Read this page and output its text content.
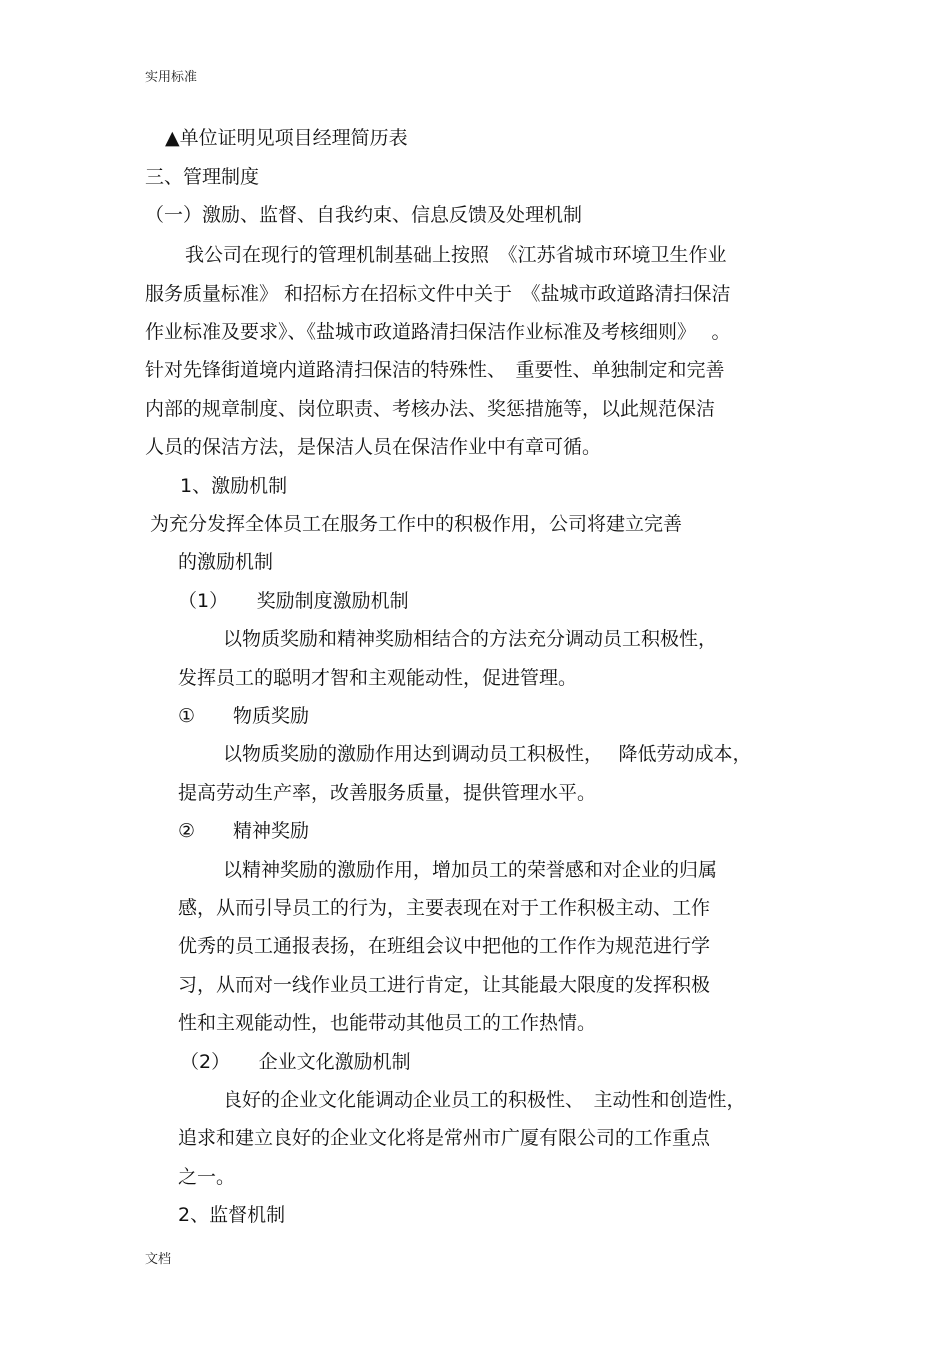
实用标准
▲单位证明见项目经理简历表
三、管理制度
（一）激励、监督、自我约束、信息反馈及处理机制
我公司在现行的管理机制基础上按照　《江苏省城市环境卫生作业
服务质量标准》 和招标方在招标文件中关于　《盐城市政道路清扫保洁
作业标准及要求》、《盐城市政道路清扫保洁作业标准及考核细则》　 。
针对先锋街道境内道路清扫保洁的特殊性、　重要性、单独制定和完善
内部的规章制度、岗位职责、考核办法、奖惩措施等，以此规范保洁
人员的保洁方法，是保洁人员在保洁作业中有章可循。
1、激励机制
为充分发挥全体员工在服务工作中的积极作用，公司将建立完善
的激励机制
（1）　　奖励制度激励机制
以物质奖励和精神奖励相结合的方法充分调动员工积极性，
发挥员工的聪明才智和主观能动性，促进管理。
①　　物质奖励
以物质奖励的激励作用达到调动员工积极性，　 降低劳动成本，
提高劳动生产率，改善服务质量，提供管理水平。
②　　精神奖励
以精神奖励的激励作用，增加员工的荣誉感和对企业的归属
感，从而引导员工的行为，主要表现在对于工作积极主动、工作
优秀的员工通报表扬，在班组会议中把他的工作作为规范进行学
习，从而对一线作业员工进行肯定，让其能最大限度的发挥积极
性和主观能动性，也能带动其他员工的工作热情。
（2）　　企业文化激励机制
良好的企业文化能调动企业员工的积极性、　主动性和创造性，
追求和建立良好的企业文化将是常州市广厦有限公司的工作重点
之一。
2、监督机制
文档
